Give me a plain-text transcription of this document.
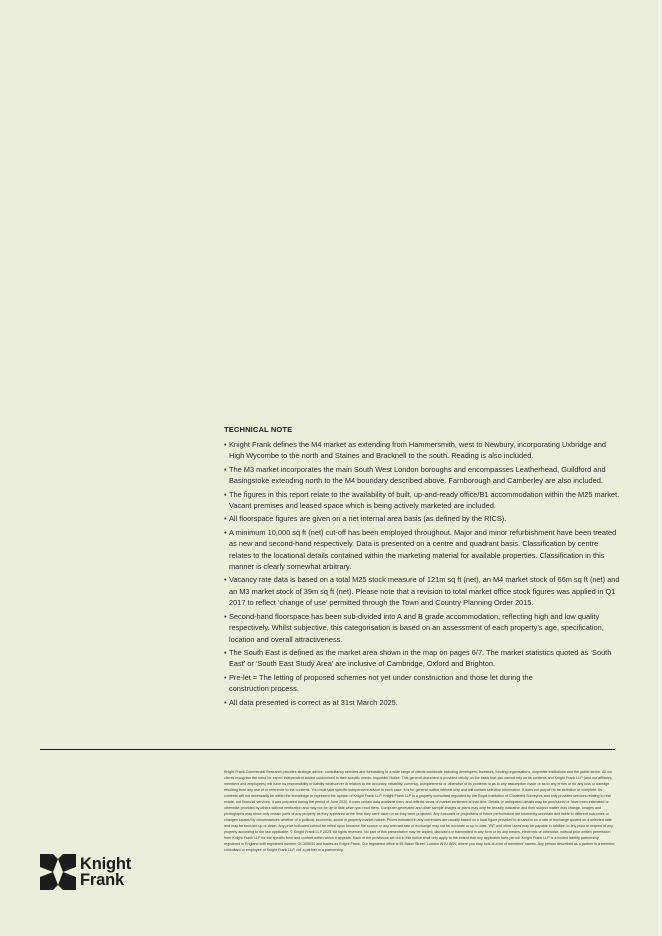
TECHNICAL NOTE
• Knight Frank defines the M4 market as extending from Hammersmith, west to Newbury, incorporating Uxbridge and High Wycombe to the north and Staines and Bracknell to the south. Reading is also included.
• The M3 market incorporates the main South West London boroughs and encompasses Leatherhead, Guildford and Basingstoke extending north to the M4 boundary described above. Farnborough and Camberley are also included.
• The figures in this report relate to the availability of built, up-and-ready office/B1 accommodation within the M25 market. Vacant premises and leased space which is being actively marketed are included.
• All floorspace figures are given on a net internal area basis (as defined by the RICS).
• A minimum 10,000 sq ft (net) cut-off has been employed throughout. Major and minor refurbishment have been treated as new and second-hand respectively. Data is presented on a centre and quadrant basis. Classification by centre relates to the locational details contained within the marketing material for available properties. Classification in this manner is clearly somewhat arbitrary.
• Vacancy rate data is based on a total M25 stock measure of 121m sq ft (net), an M4 market stock of 66m sq ft (net) and an M3 market stock of 39m sq ft (net). Please note that a revision to total market office stock figures was applied in Q1 2017 to reflect ‘change of use’ permitted through the Town and Country Planning Order 2015.
• Second-hand floorspace has been sub-divided into A and B grade accommodation, reflecting high and low quality respectively. Whilst subjective, this categorisation is based on an assessment of each property’s age, specification, location and overall attractiveness.
• The South East is defined as the market area shown in the map on pages 6/7. The market statistics quoted as ‘South East’ or ‘South East Study Area’ are inclusive of Cambridge, Oxford and Brighton.
• Pre-let = The letting of proposed schemes not yet under construction and those let during the construction process.
• All data presented is correct as at 31st March 2025.

Knight Frank Commercial Research provides strategic advice, consultancy services and forecasting to a wide range of clients worldwide including developers, investors, funding organisations, corporate institutions and the public sector. All our clients recognise the need for expert independent advice customised to their specific needs. Important Notice: This general document is provided strictly on the basis that you cannot rely on its contents and Knight Frank LLP (and our affiliates, members and employees) will have no responsibility or liability whatsoever in relation to the accuracy, reliability, currency, completeness or otherwise of its contents or as to any assumption made or as to any errors or for any loss or damage resulting from any use of or reference to the contents. You must take specific independent advice in each case. It is for general outline interest only and will contain selective information. It does not purport to be definitive or complete. Its contents will not necessarily be within the knowledge or represent the opinion of Knight Frank LLP. Knight Frank LLP is a property consultant regulated by the Royal Institution of Chartered Surveyors and only provides services relating to real estate, not financial services. It was prepared during the period of June 2020. It uses certain data available then, and reflects views of market sentiment at that time. Details or anticipated details may be provisional or have been estimated or otherwise provided by others without verification and may not be up to date when you read them. Computer-generated and other sample images or plans may only be broadly indicative and their subject matter may change. Images and photographs may show only certain parts of any property as they appeared at the time they were taken or as they were projected. Any forecasts or projections of future performance are inherently uncertain and liable to different outcomes or changes caused by circumstances whether of a political, economic, social or property market nature. Prices indicated in any currencies are usually based on a local figure provided to an and/or on a rate of exchange quoted on a selected date and may be rounded up or down. Any price indicated cannot be relied upon because the source or any relevant rate of exchange may not be accurate or up to date. VAT and other taxes may be payable in addition to any price in respect of any property according to the law applicable. © Knight Frank LLP 2025. All rights reserved. No part of this presentation may be copied, disclosed or transmitted in any form or by any means, electronic or otherwise, without prior written permission from Knight Frank LLP for the specific form and content within which it appears. Each of the provisions set out in this notice shall only apply to the extent that any applicable laws permit. Knight Frank LLP is a limited liability partnership registered in England with registered number OC305934 and trades as Knight Frank. Our registered office is 55 Baker Street, London W1U 8AN, where you may look at a list of members’ names. Any person described as a partner is a member, consultant or employee of Knight Frank LLP, not a partner in a partnership.

Knight
Frank
